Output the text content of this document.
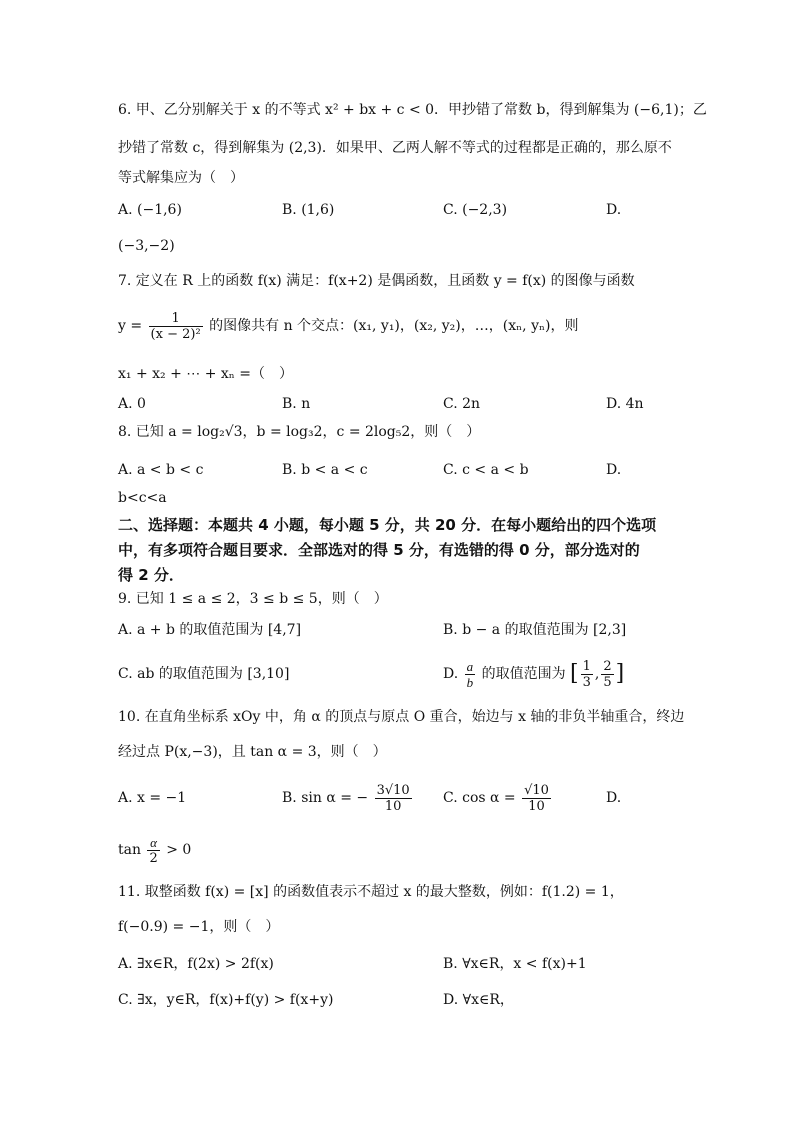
6. 甲、乙分别解关于 x 的不等式 x² + bx + c < 0．甲抄错了常数 b，得到解集为 (−6,1)；乙
抄错了常数 c，得到解集为 (2,3)．如果甲、乙两人解不等式的过程都是正确的，那么原不
等式解集应为（　）
A. (−1,6)	B. (1,6)	C. (−2,3)	D.
(−3,−2)
7. 定义在 R 上的函数 f(x) 满足：f(x+2) 是偶函数，且函数 y = f(x) 的图像与函数
$y = \frac{1}{\text{(x − 2)²}}$ 的图像共有 n 个交点：(x₁, y₁)，(x₂, y₂)，…，(xₙ, yₙ)，则
x₁ + x₂ + ⋯ + xₙ =（　）
A. 0	B. n	C. 2n	D. 4n
8. 已知 a = log₂√3，b = log₃2，c = 2log₅2，则（　）
A. a < b < c	B. b < a < c	C. c < a < b	D.
b<c<a
二、选择题：本题共 4 小题，每小题 5 分，共 20 分．在每小题给出的四个选项
中，有多项符合题目要求．全部选对的得 5 分，有选错的得 0 分，部分选对的
得 2 分．
9. 已知 1 ≤ a ≤ 2，3 ≤ b ≤ 5，则（　）
A. a + b 的取值范围为 [4,7]	B. b − a 的取值范围为 [2,3]
C. ab 的取值范围为 [3,10]	D. $\frac{a}{b}$ 的取值范围为 [ $\frac{1}{3}$ , $\frac{2}{5}$ ]
10. 在直角坐标系 xOy 中，角 α 的顶点与原点 O 重合，始边与 x 轴的非负半轴重合，终边
经过点 P(x,−3)，且 tan α = 3，则（　）
A. x = −1	B. sin α = − $\frac{3√10}{10} C$. $\cos \alpha = \frac{√10}{10}$	D.
$\tan \frac{\alpha}{2} > 0$
11. 取整函数 f(x) = [x] 的函数值表示不超过 x 的最大整数，例如：f(1.2) = 1，
f(−0.9) = −1，则（　）
A. ∃x∈R，f(2x) > 2f(x)	B. ∀x∈R，x < f(x)+1
C. ∃x，y∈R，f(x)+f(y) > f(x+y)	D. ∀x∈R，
